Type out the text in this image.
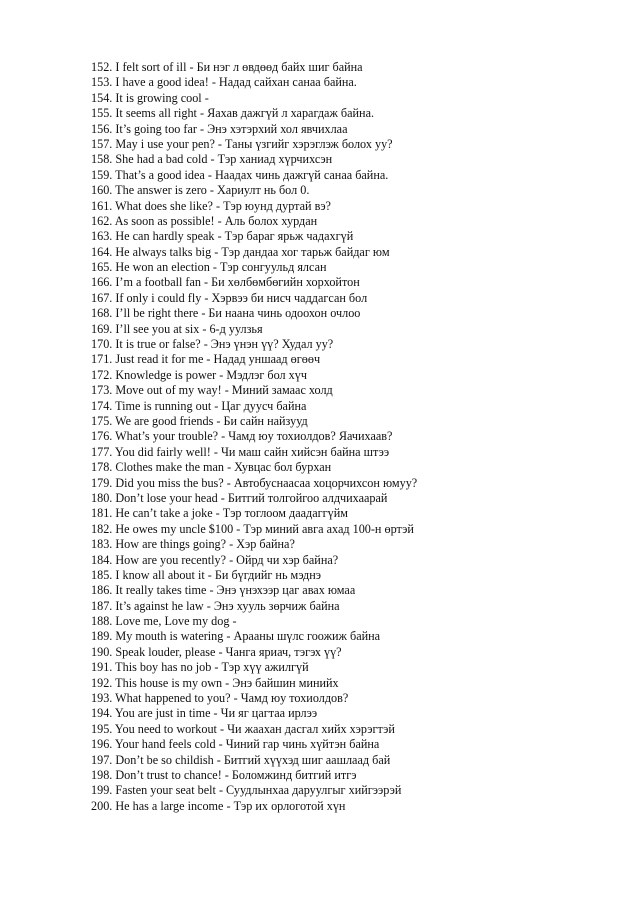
152. I felt sort of ill - Би нэг л өвдөөд байх шиг байна
153. I have a good idea! - Надад сайхан санаа байна.
154. It is growing cool -
155. It seems all right - Яахав дажгүй л харагдаж байна.
156. It’s going too far - Энэ хэтэрхий хол явчихлаа
157. May i use your pen? - Таны үзгийг хэрэглэж болох уу?
158. She had a bad cold - Тэр ханиад хүрчихсэн
159. That’s a good idea - Наадах чинь дажгүй санаа байна.
160. The answer is zero - Хариулт нь бол 0.
161. What does she like? - Тэр юунд дуртай вэ?
162. As soon as possible! - Аль болох хурдан
163. He can hardly speak - Тэр бараг ярьж чадахгүй
164. He always talks big - Тэр дандаа хог тарьж байдаг юм
165. He won an election - Тэр сонгуульд ялсан
166. I’m a football fan - Би хөлбөмбөгийн хорхойтон
167. If only i could fly - Хэрвээ би нисч чаддагсан бол
168. I’ll be right there - Би наана чинь одоохон очлоо
169. I’ll see you at six - 6-д уулзья
170. It is true or false? - Энэ үнэн үү? Худал уу?
171. Just read it for me - Надад уншаад өгөөч
172. Knowledge is power - Мэдлэг бол хүч
173. Move out of my way! - Миний замаас холд
174. Time is running out - Цаг дуусч байна
175. We are good friends - Би сайн найзууд
176. What’s your trouble? - Чамд юу тохиолдов? Яачихаав?
177. You did fairly well! - Чи маш сайн хийсэн байна штээ
178. Clothes make the man - Хувцас бол бурхан
179. Did you miss the bus? - Автобуснаасаа хоцорчихсон юмуу?
180. Don’t lose your head - Битгий толгойгоо алдчихаарай
181. He can’t take a joke - Тэр тоглоом даадаггүйм
182. He owes my uncle $100 - Тэр миний авга ахад 100-н өртэй
183. How are things going? - Хэр байна?
184. How are you recently? - Ойрд чи хэр байна?
185. I know all about it - Би бүгдийг нь мэднэ
186. It really takes time - Энэ үнэхээр цаг авах юмаа
187. It’s against he law - Энэ хууль зөрчиж байна
188. Love me, Love my dog -
189. My mouth is watering - Арааны шүлс гоожиж байна
190. Speak louder, please - Чанга яриач, тэгэх үү?
191. This boy has no job - Тэр хүү ажилгүй
192. This house is my own - Энэ байшин минийх
193. What happened to you? - Чамд юу тохиолдов?
194. You are just in time - Чи яг цагтаа ирлээ
195. You need to workout - Чи жаахан дасгал хийх хэрэгтэй
196. Your hand feels cold - Чиний гар чинь хүйтэн байна
197. Don’t be so childish - Битгий хүүхэд шиг аашлаад бай
198. Don’t trust to chance! - Боломжинд битгий итгэ
199. Fasten your seat belt - Суудлынхаа даруулгыг хийгээрэй
200. He has a large income - Тэр их орлоготой хүн
